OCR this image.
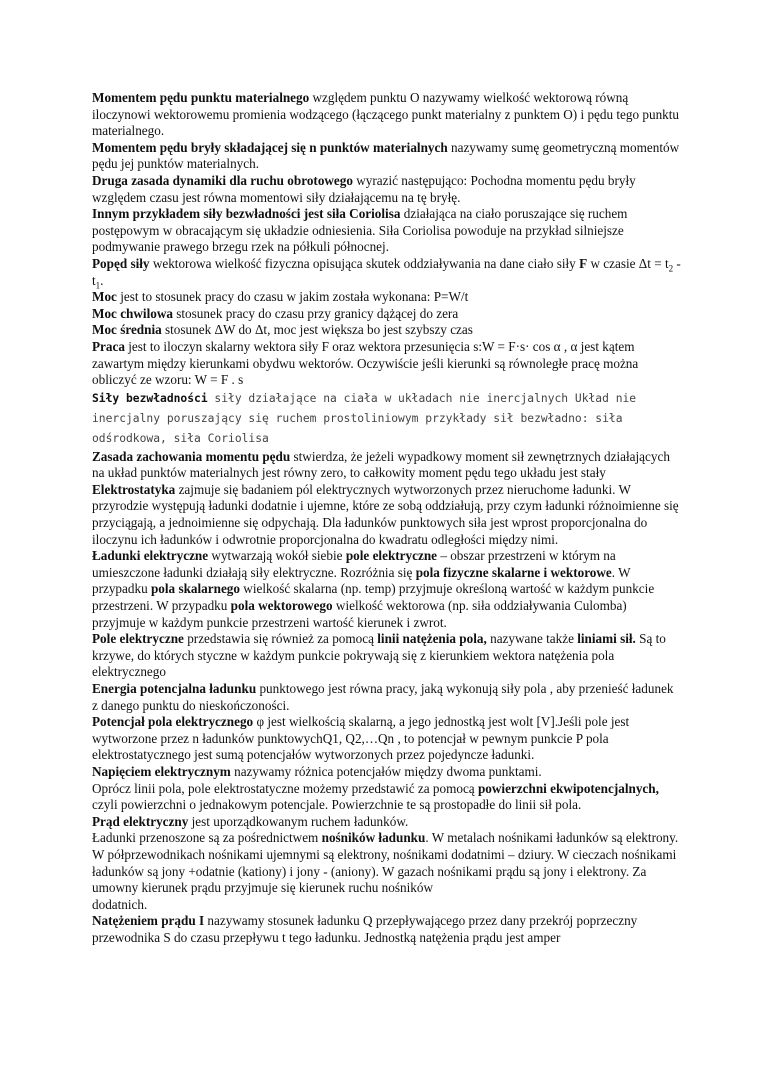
Momentem pędu punktu materialnego względem punktu O nazywamy wielkość wektorową równą iloczynowi wektorowemu promienia wodzącego (łączącego punkt materialny z punktem O) i pędu tego punktu materialnego.

Momentem pędu bryły składającej się n punktów materialnych nazywamy sumę geometryczną momentów pędu jej punktów materialnych.

Druga zasada dynamiki dla ruchu obrotowego wyrazić następująco: Pochodna momentu pędu bryły względem czasu jest równa momentowi siły działającemu na tę bryłę.

Innym przykładem siły bezwładności jest siła Coriolisa działająca na ciało poruszające się ruchem postępowym w obracającym się układzie odniesienia. Siła Coriolisa powoduje na przykład silniejsze podmywanie prawego brzegu rzek na półkuli północnej.

Popęd siły wektorowa wielkość fizyczna opisująca skutek oddziaływania na dane ciało siły F w czasie $\Delta t = t_2 - t_1$.

Moc jest to stosunek pracy do czasu w jakim została wykonana: P=W/t

Moc chwilowa stosunek pracy do czasu przy granicy dążącej do zera

Moc średnia stosunek ΔW do Δt, moc jest większa bo jest szybszy czas

Praca jest to iloczyn skalarny wektora siły F oraz wektora przesunięcia s:W = F·s· cos α , α jest kątem zawartym między kierunkami obydwu wektorów. Oczywiście jeśli kierunki są równoległe pracę można obliczyć ze wzoru: W = F . s

Siły bezwładności siły działające na ciała w układach nie inercjalnych Układ nie inercjalny poruszający się ruchem prostoliniowym przykłady sił bezwładno: siła odśrodkowa, siła Coriolisa

Zasada zachowania momentu pędu stwierdza, że jeżeli wypadkowy moment sił zewnętrznych działających na układ punktów materialnych jest równy zero, to całkowity moment pędu tego układu jest stały

Elektrostatyka zajmuje się badaniem pól elektrycznych wytworzonych przez nieruchome ładunki. W przyrodzie występują ładunki dodatnie i ujemne, które ze sobą oddziałują, przy czym ładunki różnoimienne się przyciągają, a jednoimienne się odpychają. Dla ładunków punktowych siła jest wprost proporcjonalna do iloczynu ich ładunków i odwrotnie proporcjonalna do kwadratu odległości między nimi.

Ładunki elektryczne wytwarzają wokół siebie pole elektryczne – obszar przestrzeni w którym na umieszczone ładunki działają siły elektryczne. Rozróżnia się pola fizyczne skalarne i wektorowe. W przypadku pola skalarnego wielkość skalarna (np. temp) przyjmuje określoną wartość w każdym punkcie przestrzeni. W przypadku pola wektorowego wielkość wektorowa (np. siła oddziaływania Culomba) przyjmuje w każdym punkcie przestrzeni wartość kierunek i zwrot.

Pole elektryczne przedstawia się również za pomocą linii natężenia pola, nazywane także liniami sił. Są to krzywe, do których styczne w każdym punkcie pokrywają się z kierunkiem wektora natężenia pola elektrycznego

Energia potencjalna ładunku punktowego jest równa pracy, jaką wykonują siły pola , aby przenieść ładunek z danego punktu do nieskończoności.

Potencjał pola elektrycznego φ jest wielkością skalarną, a jego jednostką jest wolt [V].Jeśli pole jest wytworzone przez n ładunków punktowychQ1, Q2,…Qn , to potencjał w pewnym punkcie P pola elektrostatycznego jest sumą potencjałów wytworzonych przez pojedyncze ładunki.

Napięciem elektrycznym nazywamy różnica potencjałów między dwoma punktami.

Oprócz linii pola, pole elektrostatyczne możemy przedstawić za pomocą powierzchni ekwipotencjalnych, czyli powierzchni o jednakowym potencjale. Powierzchnie te są prostopadłe do linii sił pola.

Prąd elektryczny jest uporządkowanym ruchem ładunków.

Ładunki przenoszone są za pośrednictwem nośników ładunku. W metalach nośnikami ładunków są elektrony. W półprzewodnikach nośnikami ujemnymi są elektrony, nośnikami dodatnimi – dziury. W cieczach nośnikami ładunków są jony +odatnie (kationy) i jony - (aniony). W gazach nośnikami prądu są jony i elektrony. Za umowny kierunek prądu przyjmuje się kierunek ruchu nośników

dodatnich.

Natężeniem prądu I nazywamy stosunek ładunku Q przepływającego przez dany przekrój poprzeczny przewodnika S do czasu przepływu t tego ładunku. Jednostką natężenia prądu jest amper
